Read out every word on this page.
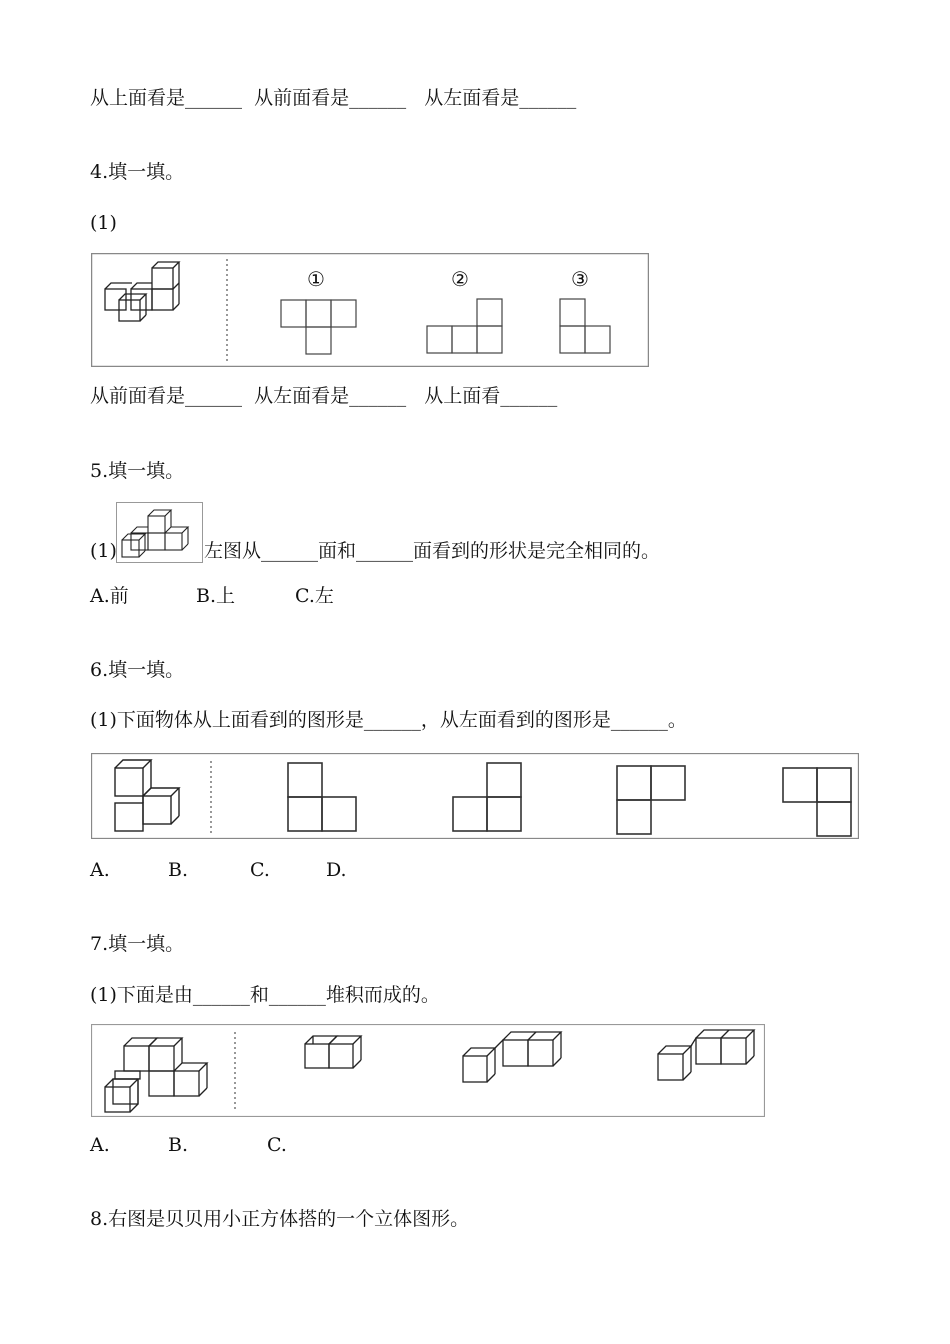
从上面看是______  从前面看是______   从左面看是______
4.填一填。
(1)
①	②	③
从前面看是______  从左面看是______   从上面看______
5.填一填。
(1)	左图从______面和______面看到的形状是完全相同的。
A.前	B.上	C.左
6.填一填。
(1)下面物体从上面看到的图形是______，从左面看到的图形是______。
A.	B.	C.	D.
7.填一填。
(1)下面是由______和______堆积而成的。
A.	B.	C.
8.右图是贝贝用小正方体搭的一个立体图形。
